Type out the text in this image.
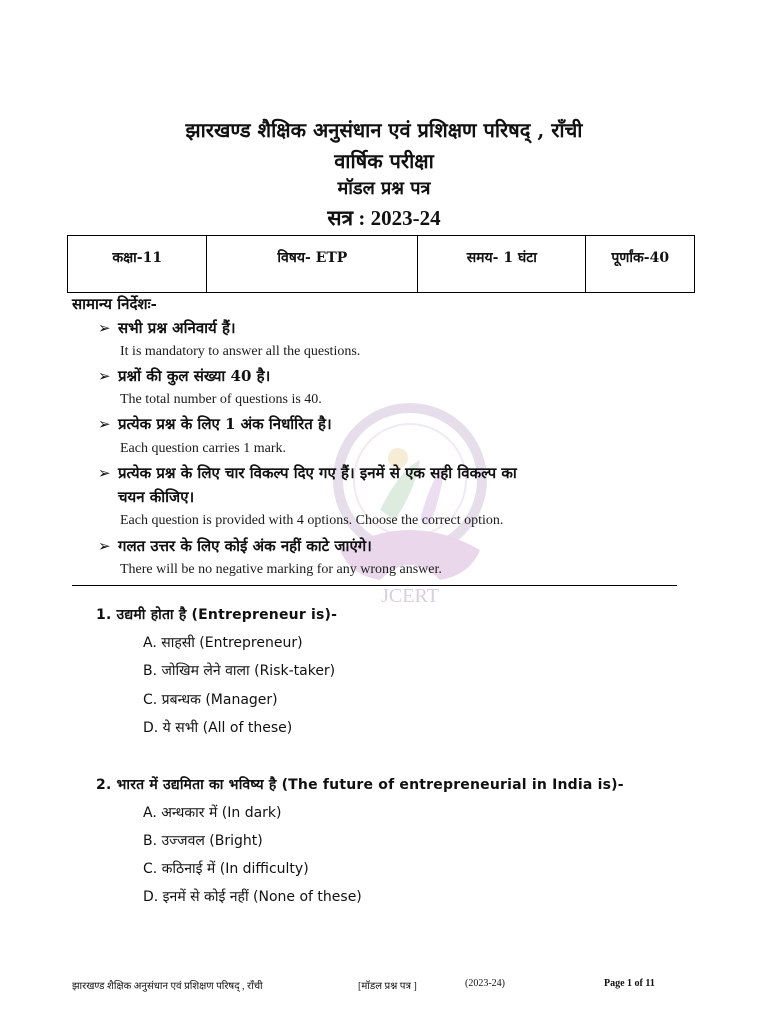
JCERT
झारखण्ड शैक्षिक अनुसंधान एवं प्रशिक्षण परिषद् , राँची
वार्षिक परीक्षा
मॉडल प्रश्न पत्र
सत्र : 2023-24
कक्षा-11	विषय- ETP	समय- 1 घंटा	पूर्णांक-40
सामान्य निर्देशः-
➢ सभी प्रश्न अनिवार्य हैं।
It is mandatory to answer all the questions.
➢ प्रश्नों की कुल संख्या 40 है।
The total number of questions is 40.
➢ प्रत्येक प्रश्न के लिए 1 अंक निर्धारित है।
Each question carries 1 mark.
➢ प्रत्येक प्रश्न के लिए चार विकल्प दिए गए हैं। इनमें से एक सही विकल्प का
चयन कीजिए।
Each question is provided with 4 options. Choose the correct option.
➢ गलत उत्तर के लिए कोई अंक नहीं काटे जाएंगे।
There will be no negative marking for any wrong answer.
1. उद्यमी होता है (Entrepreneur is)-
A. साहसी (Entrepreneur)
B. जोखिम लेने वाला (Risk-taker)
C. प्रबन्धक (Manager)
D. ये सभी (All of these)
2. भारत में उद्यमिता का भविष्य है (The future of entrepreneurial in India is)-
A. अन्धकार में (In dark)
B. उज्जवल (Bright)
C. कठिनाई में (In difficulty)
D. इनमें से कोई नहीं (None of these)
झारखण्ड शैक्षिक अनुसंधान एवं प्रशिक्षण परिषद् , राँची	[मॉडल प्रश्न पत्र ]	(2023-24)	Page 1 of 11
